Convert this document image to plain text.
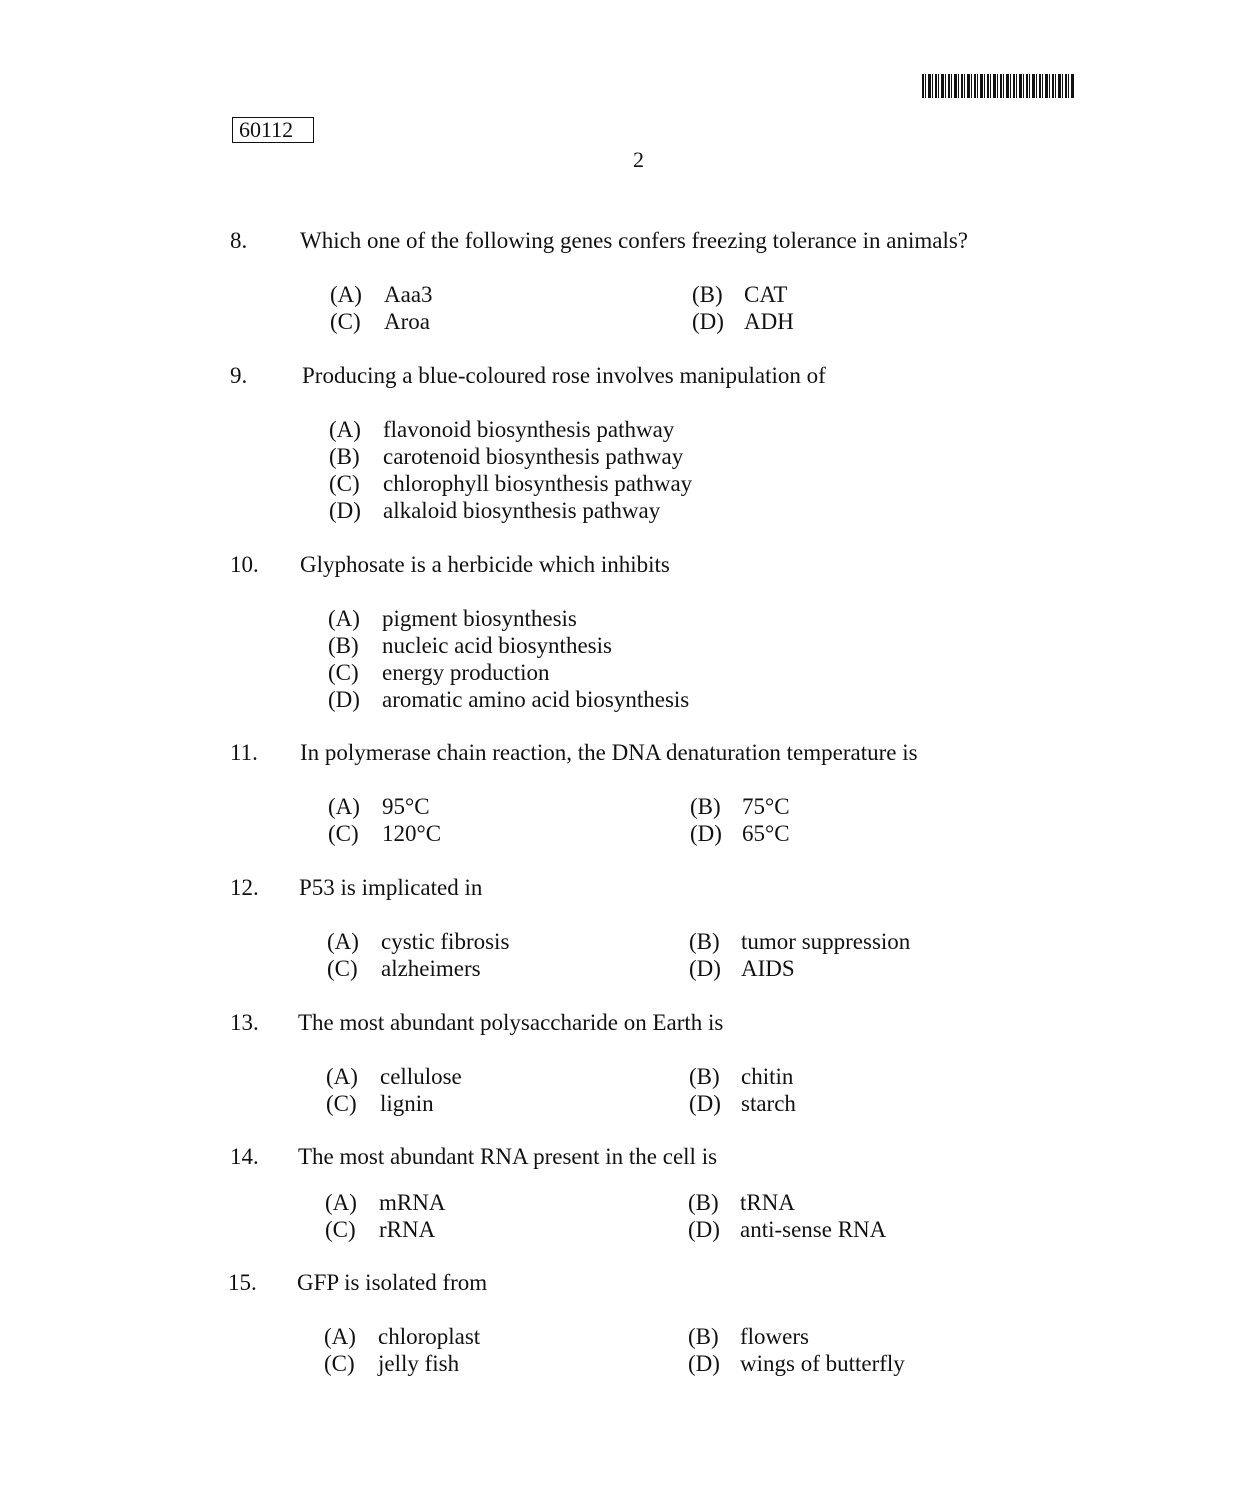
60112
2
8. Which one of the following genes confers freezing tolerance in animals?
(A) Aaa3	(B) CAT
(C) Aroa	(D) ADH
9. Producing a blue-coloured rose involves manipulation of
(A) flavonoid biosynthesis pathway
(B) carotenoid biosynthesis pathway
(C) chlorophyll biosynthesis pathway
(D) alkaloid biosynthesis pathway
10. Glyphosate is a herbicide which inhibits
(A) pigment biosynthesis
(B) nucleic acid biosynthesis
(C) energy production
(D) aromatic amino acid biosynthesis
11. In polymerase chain reaction, the DNA denaturation temperature is
(A) 95°C	(B) 75°C
(C) 120°C	(D) 65°C
12. P53 is implicated in
(A) cystic fibrosis	(B) tumor suppression
(C) alzheimers	(D) AIDS
13. The most abundant polysaccharide on Earth is
(A) cellulose	(B) chitin
(C) lignin	(D) starch
14. The most abundant RNA present in the cell is
(A) mRNA	(B) tRNA
(C) rRNA	(D) anti-sense RNA
15. GFP is isolated from
(A) chloroplast	(B) flowers
(C) jelly fish	(D) wings of butterfly
